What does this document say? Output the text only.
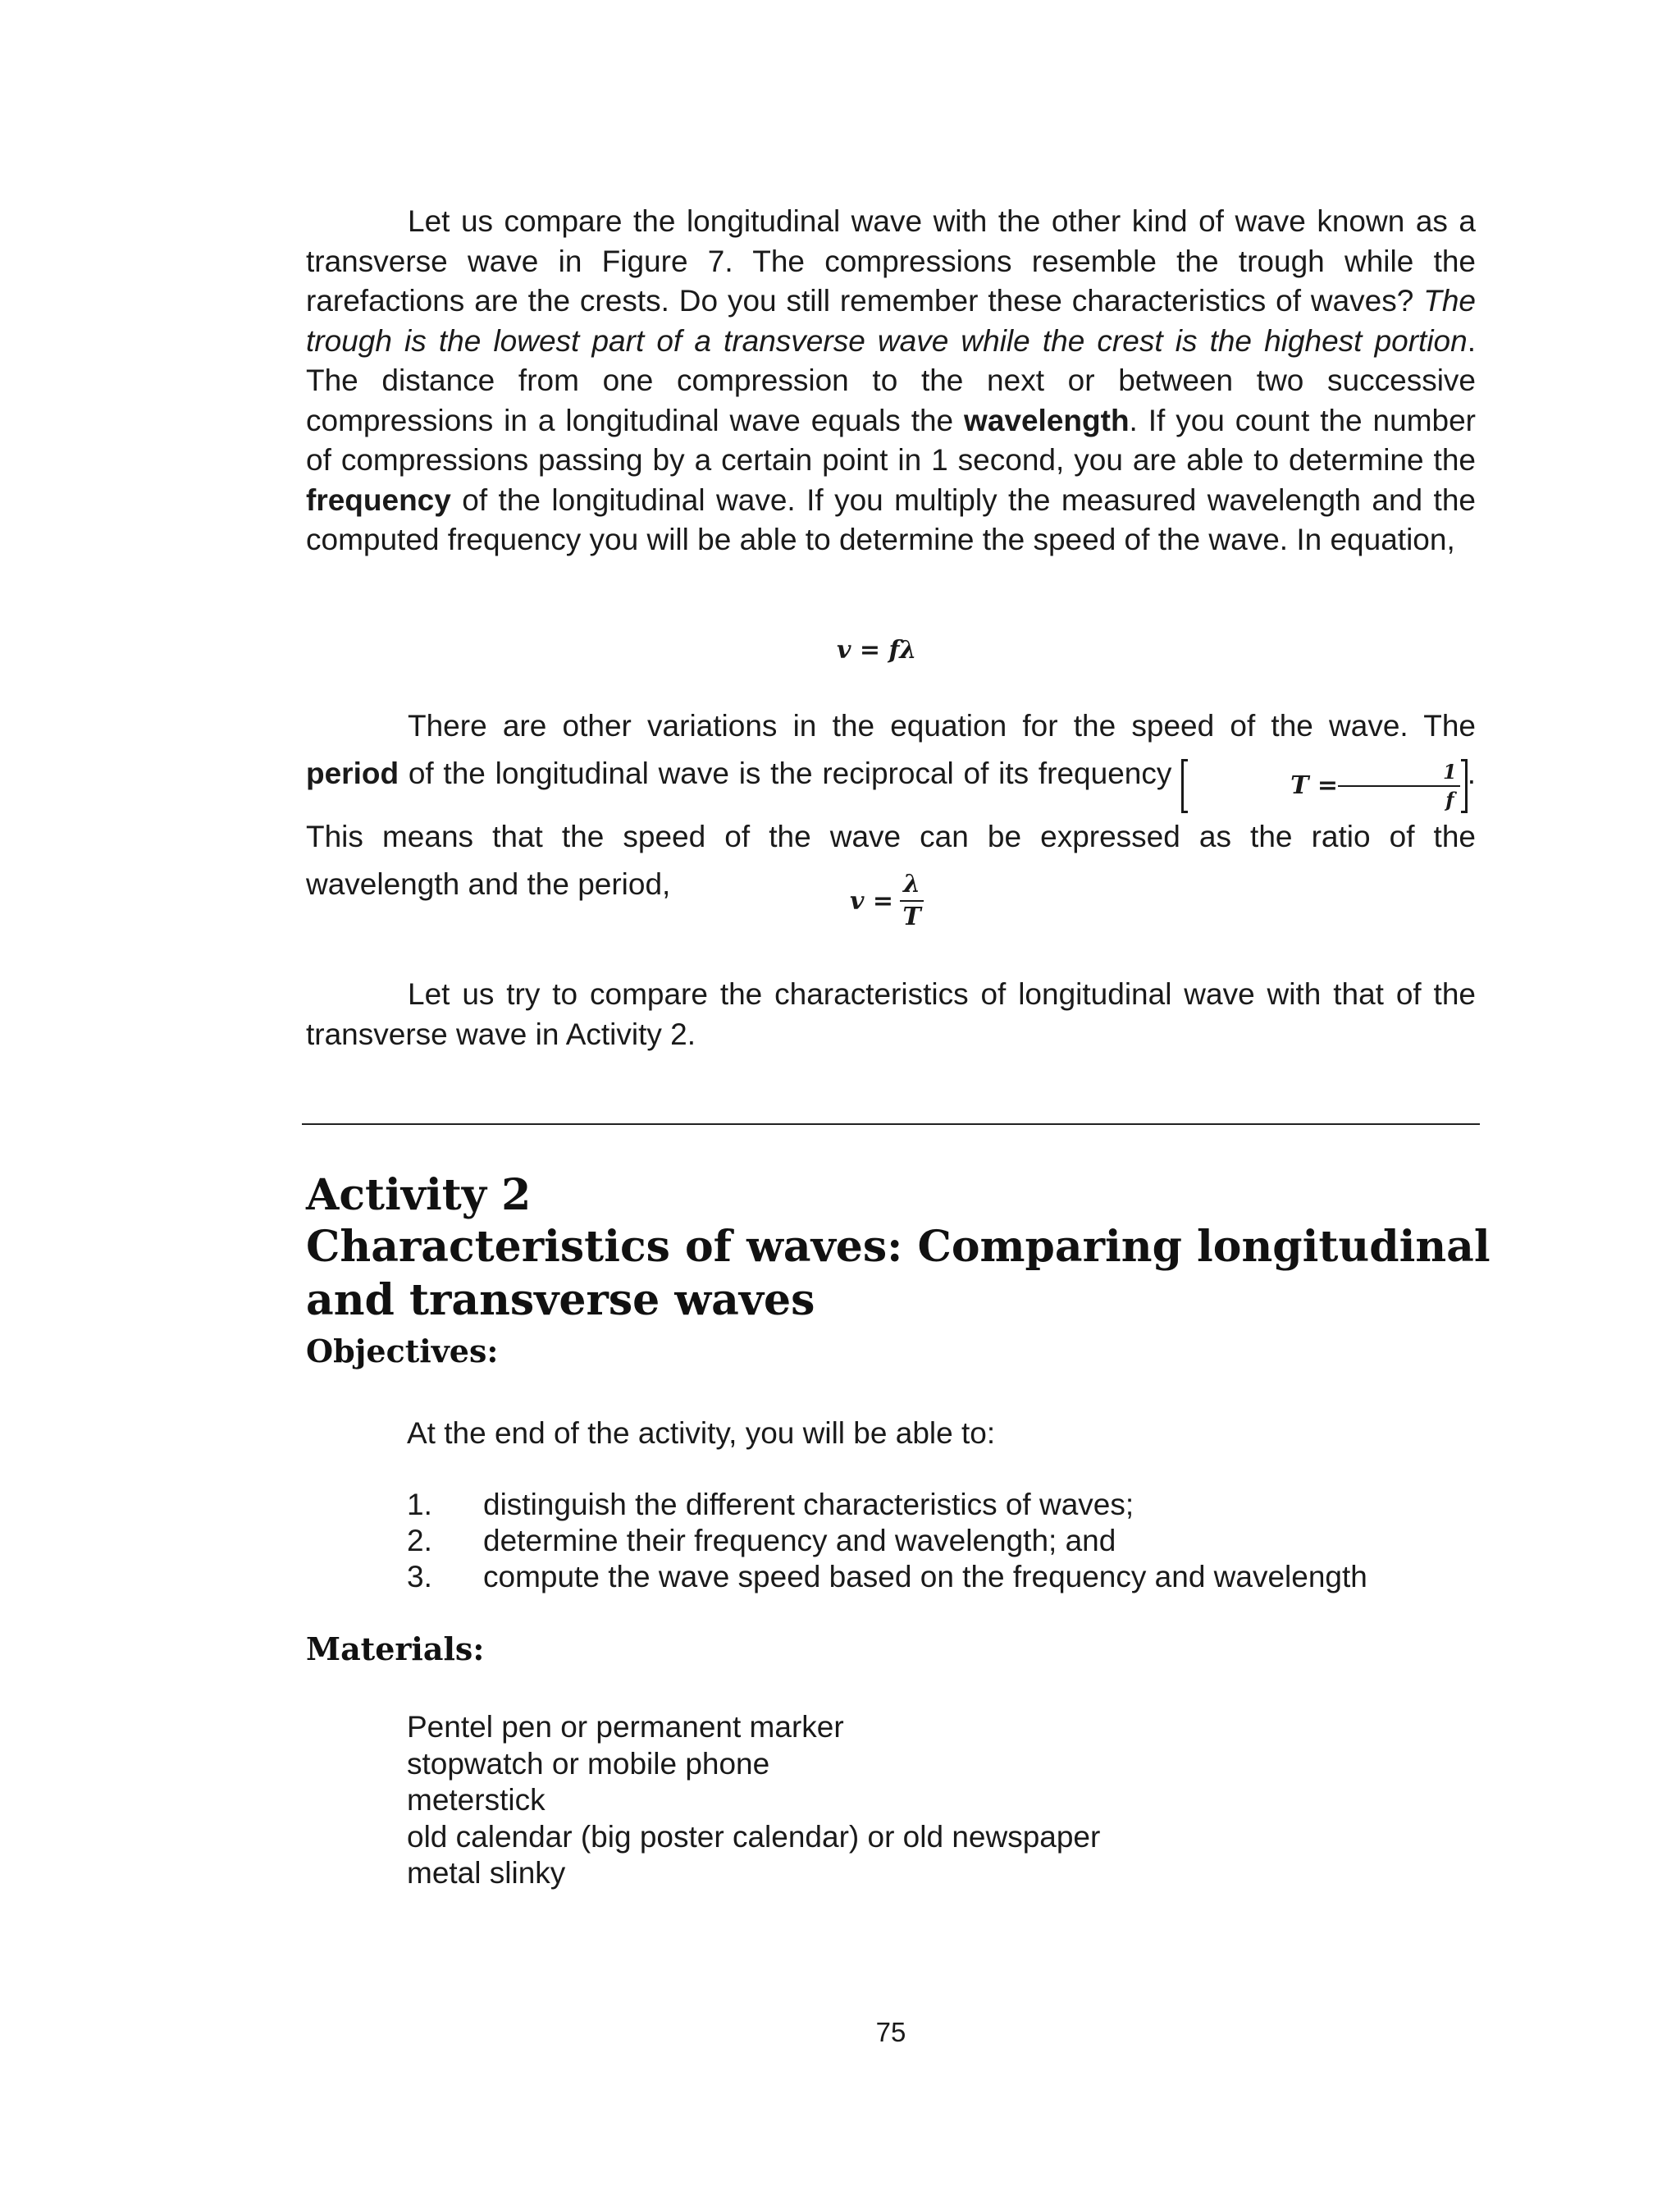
Let us compare the longitudinal wave with the other kind of wave known as a transverse wave in Figure 7. The compressions resemble the trough while the rarefactions are the crests. Do you still remember these characteristics of waves? The trough is the lowest part of a transverse wave while the crest is the highest portion. The distance from one compression to the next or between two successive compressions in a longitudinal wave equals the wavelength. If you count the number of compressions passing by a certain point in 1 second, you are able to determine the frequency of the longitudinal wave. If you multiply the measured wavelength and the computed frequency you will be able to determine the speed of the wave. In equation,

v = fλ

There are other variations in the equation for the speed of the wave. The period of the longitudinal wave is the reciprocal of its frequency	$T = \frac{1}{f}$ . This means that the speed of the wave can be expressed as the ratio of the wavelength and the period,	$v = \frac{\lambda}{T}$

Let us try to compare the characteristics of longitudinal wave with that of the transverse wave in Activity 2.

Activity 2
Characteristics of waves: Comparing longitudinal
and transverse waves
Objectives:

At the end of the activity, you will be able to:

1.	distinguish the different characteristics of waves;
2.	determine their frequency and wavelength; and
3.	compute the wave speed based on the frequency and wavelength
Materials:
Pentel pen or permanent marker
stopwatch or mobile phone
meterstick
old calendar (big poster calendar) or old newspaper
metal slinky
75
